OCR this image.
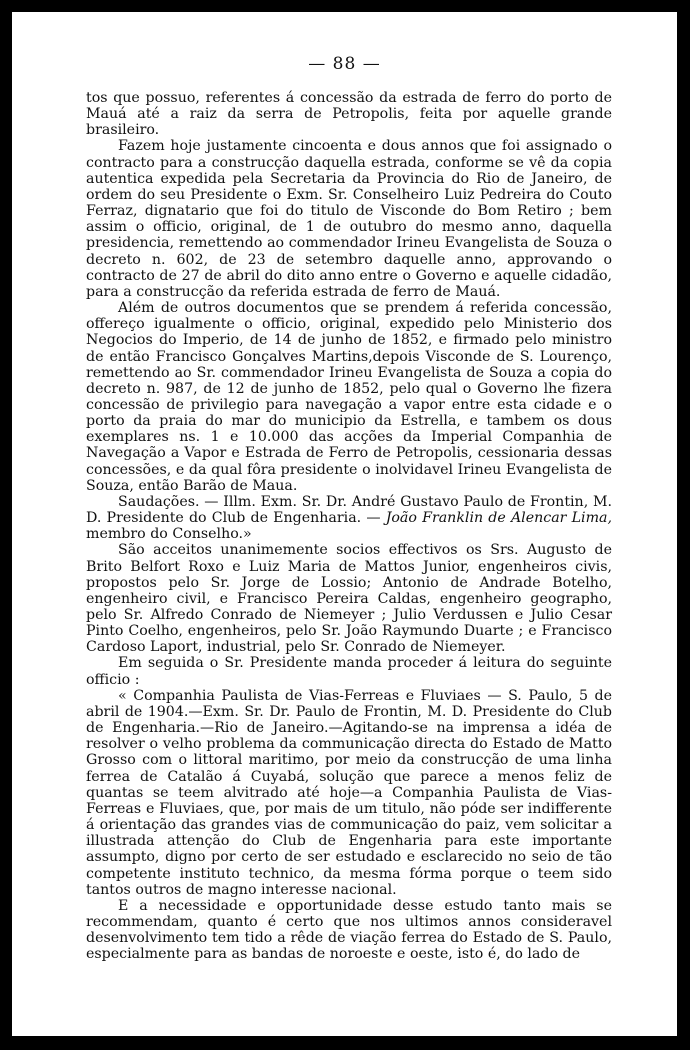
— 88 —

tos que possuo, referentes á concessão da estrada de ferro do porto de Mauá até a raiz da serra de Petropolis, feita por aquelle grande brasileiro.

Fazem hoje justamente cincoenta e dous annos que foi assignado o contracto para a construcção daquella estrada, conforme se vê da copia autentica expedida pela Secretaria da Provincia do Rio de Janeiro, de ordem do seu Presidente o Exm. Sr. Conselheiro Luiz Pedreira do Couto Ferraz, dignatario que foi do titulo de Visconde do Bom Retiro ; bem assim o officio, original, de 1 de outubro do mesmo anno, daquella presidencia, remettendo ao commendador Irineu Evangelista de Souza o decreto n. 602, de 23 de setembro daquelle anno, approvando o contracto de 27 de abril do dito anno entre o Governo e aquelle cidadão, para a construcção da referida estrada de ferro de Mauá.

Além de outros documentos que se prendem á referida concessão, offereço igualmente o officio, original, expedido pelo Ministerio dos Negocios do Imperio, de 14 de junho de 1852, e firmado pelo ministro de então Francisco Gonçalves Martins,depois Visconde de S. Lourenço, remettendo ao Sr. commendador Irineu Evangelista de Souza a copia do decreto n. 987, de 12 de junho de 1852, pelo qual o Governo lhe fizera concessão de privilegio para navegação a vapor entre esta cidade e o porto da praia do mar do municipio da Estrella, e tambem os dous exemplares ns. 1 e 10.000 das acções da Imperial Companhia de Navegação a Vapor e Estrada de Ferro de Petropolis, cessionaria dessas concessões, e da qual fôra presidente o inolvidavel Irineu Evangelista de Souza, então Barão de Maua.

Saudações. — Illm. Exm. Sr. Dr. André Gustavo Paulo de Frontin, M. D. Presidente do Club de Engenharia. — João Franklin de Alencar Lima, membro do Conselho.»

São acceitos unanimemente socios effectivos os Srs. Augusto de Brito Belfort Roxo e Luiz Maria de Mattos Junior, engenheiros civis, propostos pelo Sr. Jorge de Lossio; Antonio de Andrade Botelho, engenheiro civil, e Francisco Pereira Caldas, engenheiro geographo, pelo Sr. Alfredo Conrado de Niemeyer ; Julio Verdussen e Julio Cesar Pinto Coelho, engenheiros, pelo Sr. João Raymundo Duarte ; e Francisco Cardoso Laport, industrial, pelo Sr. Conrado de Niemeyer.

Em seguida o Sr. Presidente manda proceder á leitura do seguinte officio :

« Companhia Paulista de Vias-Ferreas e Fluviaes — S. Paulo, 5 de abril de 1904.—Exm. Sr. Dr. Paulo de Frontin, M. D. Presidente do Club de Engenharia.—Rio de Janeiro.—Agitando-se na imprensa a idéa de resolver o velho problema da communicação directa do Estado de Matto Grosso com o littoral maritimo, por meio da construcção de uma linha ferrea de Catalão á Cuyabá, solução que parece a menos feliz de quantas se teem alvitrado até hoje—a Companhia Paulista de Vias-Ferreas e Fluviaes, que, por mais de um titulo, não póde ser indifferente á orientação das grandes vias de communicação do paiz, vem solicitar a illustrada attenção do Club de Engenharia para este importante assumpto, digno por certo de ser estudado e esclarecido no seio de tão competente instituto technico, da mesma fórma porque o teem sido tantos outros de magno interesse nacional.

E a necessidade e opportunidade desse estudo tanto mais se recommendam, quanto é certo que nos ultimos annos consideravel desenvolvimento tem tido a rêde de viação ferrea do Estado de S. Paulo, especialmente para as bandas de noroeste e oeste, isto é, do lado de
